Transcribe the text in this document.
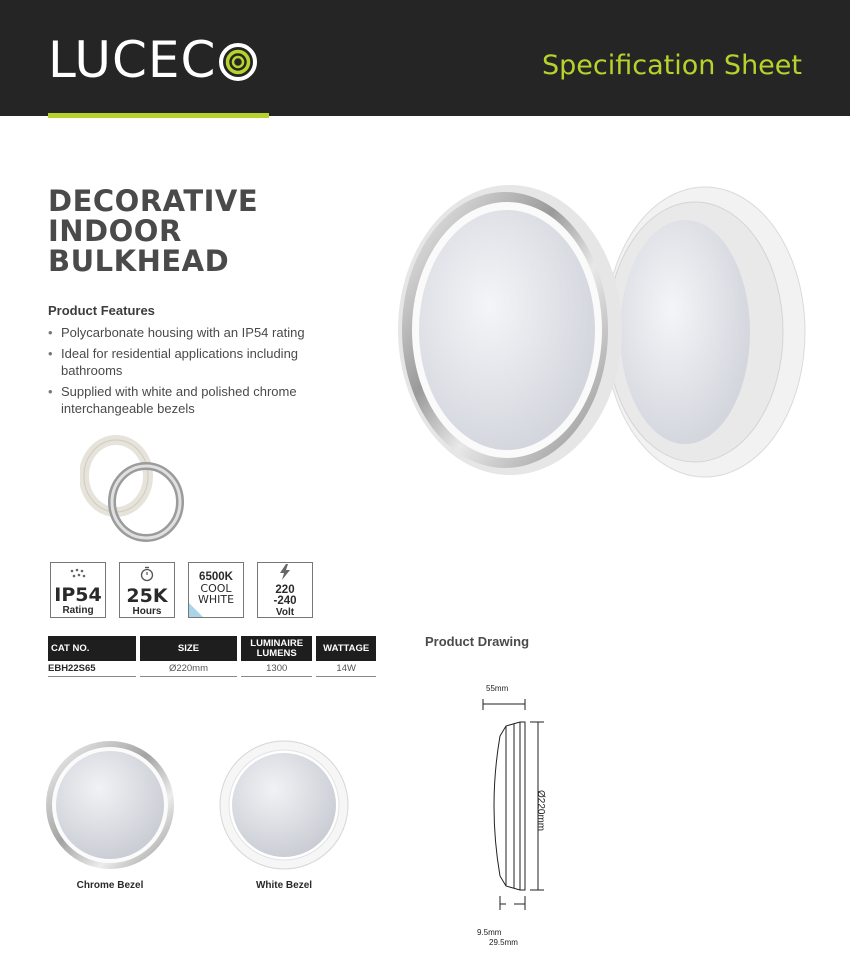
LUCEC	Specification Sheet
DECORATIVE
INDOOR
BULKHEAD
Product Features
• Polycarbonate housing with an IP54 rating
• Ideal for residential applications including bathrooms
• Supplied with white and polished chrome interchangeable bezels
IP54
Rating
25K
Hours
6500K
COOL
WHITE
220
-240
Volt
CAT NO.	SIZE	LUMINAIRE LUMENS	WATTAGE
EBH22S65	Ø220mm	1300	14W
Product Drawing
55mm
Ø220mm
9.5mm
29.5mm
Chrome Bezel	White Bezel
